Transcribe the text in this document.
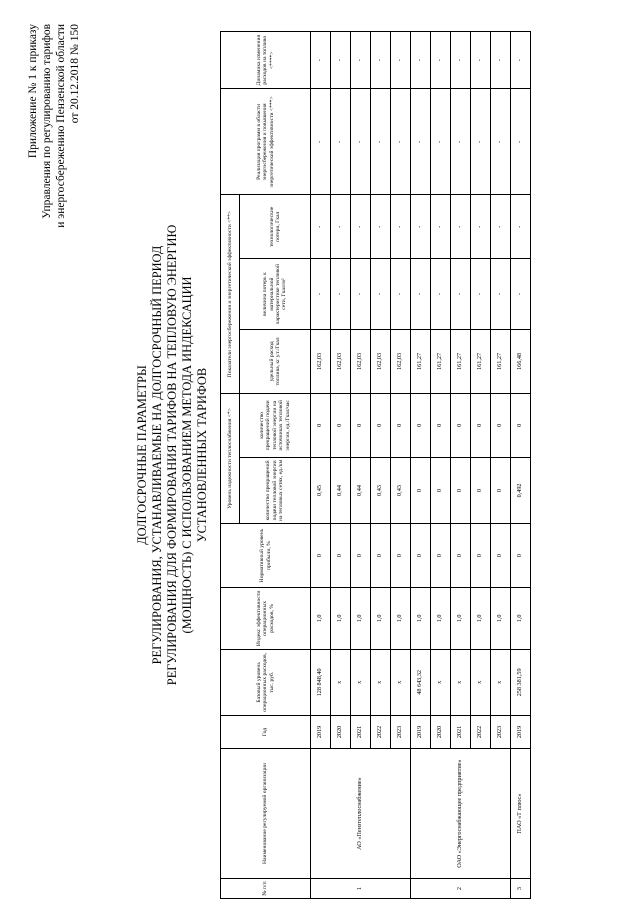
Приложение № 1 к приказу Управления по регулированию тарифов и энергосбережению Пензенской области от 20.12.2018 № 150
ДОЛГОСРОЧНЫЕ ПАРАМЕТРЫ РЕГУЛИРОВАНИЯ, УСТАНАВЛИВАЕМЫЕ НА ДОЛГОСРОЧНЫЙ ПЕРИОД РЕГУЛИРОВАНИЯ ДЛЯ ФОРМИРОВАНИЯ ТАРИФОВ НА ТЕПЛОВУЮ ЭНЕРГИЮ (МОЩНОСТЬ) С ИСПОЛЬЗОВАНИЕМ МЕТОДА ИНДЕКСАЦИИ УСТАНОВЛЕННЫХ ТАРИФОВ
№ п/п	Наименование регулируемой организации	Год	Базовый уровень операционных расходов, тыс. руб.	Индекс эффективности операционных расходов, %	Нормативный уровень прибыли, %	Уровень надежности теплоснабжения <*>		Показатели энергосбережения и энергетической эффективности <**>			Реализация программ в области энергосбережения и повышения энергетической эффективности <***>	Динамика изменения расходов на топливо <****>
						количество прекращений подачи тепловой энергии на тепловых сетях, ед./км	количество прекращений подачи тепловой энергии на источниках тепловой энергии, ед./Гкал/час	удельный расход топлива, кг у.т./Гкал	величина потерь к материальной характеристике тепловой сети, Гкал/м²	технологические потери, Гкал		
1	АО «Пензтеплоснабжение»	2019	128 848,40	1,0	0	0,45	0	162,03	-	-	-	-
		2020	x	1,0	0	0,44	0	162,03	-	-	-	-
		2021	x	1,0	0	0,44	0	162,03	-	-	-	-
		2022	x	1,0	0	0,43	0	162,03	-	-	-	-
		2023	x	1,0	0	0,43	0	162,03	-	-	-	-
2	ОАО «Энергоснабжающее предприятие»	2019	48 643,32	1,0	0	0	0	161,27	-	-	-	-
		2020	x	1,0	0	0	0	161,27	-	-	-	-
		2021	x	1,0	0	0	0	161,27	-	-	-	-
		2022	x	1,0	0	0	0	161,27	-	-	-	-
		2023	x	1,0	0	0	0	161,27	-	-	-	-
3	ПАО «Т плюс»	2019	258 381,59	1,0	0	0,492	0	166,48	-	-	-	-
